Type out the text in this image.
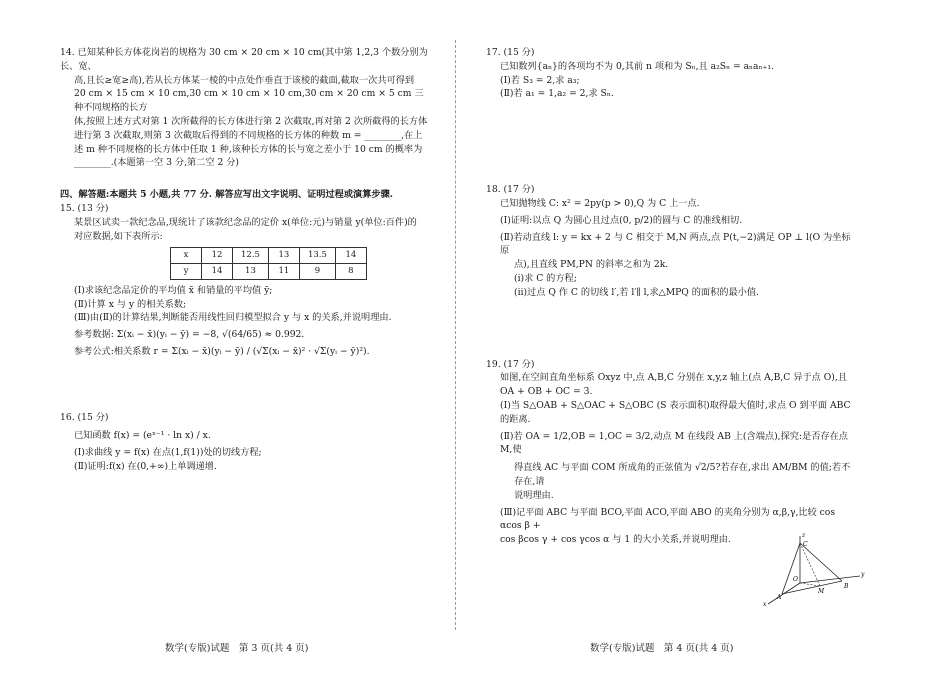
14. 已知某种长方体花岗岩的规格为 30 cm × 20 cm × 10 cm(其中第 1,2,3 个数分别为长、宽、

高,且长≥宽≥高),若从长方体某一棱的中点处作垂直于该棱的截面,截取一次共可得到

20 cm × 15 cm × 10 cm,30 cm × 10 cm × 10 cm,30 cm × 20 cm × 5 cm 三种不同规格的长方

体,按照上述方式对第 1 次所截得的长方体进行第 2 次截取,再对第 2 次所截得的长方体

进行第 3 次截取,则第 3 次截取后得到的不同规格的长方体的种数 m = ________,在上

述 m 种不同规格的长方体中任取 1 种,该种长方体的长与宽之差小于 10 cm 的概率为

________.(本题第一空 3 分,第二空 2 分)

四、解答题:本题共 5 小题,共 77 分. 解答应写出文字说明、证明过程或演算步骤.

15. (13 分)

某景区试卖一款纪念品,现统计了该款纪念品的定价 x(单位:元)与销量 y(单位:百件)的

对应数据,如下表所示:

x	12	12.5	13	13.5	14
y	14	13	11	9	8

(Ⅰ)求该纪念品定价的平均值 x̄ 和销量的平均值 ȳ;

(Ⅱ)计算 x 与 y 的相关系数;

(Ⅲ)由(Ⅱ)的计算结果,判断能否用线性回归模型拟合 y 与 x 的关系,并说明理由.

参考数据: Σ(xᵢ − x̄)(yᵢ − ȳ) = −8, √(64/65) ≈ 0.992.

参考公式:相关系数 r = Σ(xᵢ − x̄)(yᵢ − ȳ) / (√Σ(xᵢ − x̄)² · √Σ(yᵢ − ȳ)²).

16. (15 分)

已知函数 f(x) = (eˣ⁻¹ · ln x) / x.

(Ⅰ)求曲线 y = f(x) 在点(1,f(1))处的切线方程;

(Ⅱ)证明:f(x) 在(0,+∞)上单调递增.

17. (15 分)

已知数列{aₙ}的各项均不为 0,其前 n 项和为 Sₙ,且 a₂Sₙ = aₙaₙ₊₁.

(Ⅰ)若 S₃ = 2,求 a₃;

(Ⅱ)若 a₁ = 1,a₂ = 2,求 Sₙ.

18. (17 分)

已知抛物线 C: x² = 2py(p > 0),Q 为 C 上一点.

(Ⅰ)证明:以点 Q 为圆心且过点(0, p/2)的圆与 C 的准线相切.

(Ⅱ)若动直线 l: y = kx + 2 与 C 相交于 M,N 两点,点 P(t,−2)满足 OP ⊥ l(O 为坐标原

点),且直线 PM,PN 的斜率之和为 2k.

(ⅰ)求 C 的方程;

(ⅱ)过点 Q 作 C 的切线 l′,若 l′∥ l,求△MPQ 的面积的最小值.

19. (17 分)

如图,在空间直角坐标系 Oxyz 中,点 A,B,C 分别在 x,y,z 轴上(点 A,B,C 异于点 O),且

OA + OB + OC = 3.

(Ⅰ)当 S△OAB + S△OAC + S△OBC (S 表示面积)取得最大值时,求点 O 到平面 ABC 的距离.

(Ⅱ)若 OA = 1/2,OB = 1,OC = 3/2,动点 M 在线段 AB 上(含端点),探究:是否存在点 M,使

得直线 AC 与平面 COM 所成角的正弦值为 √2/5?若存在,求出 AM/BM 的值;若不存在,请

说明理由.

(Ⅲ)记平面 ABC 与平面 BCO,平面 ACO,平面 ABO 的夹角分别为 α,β,γ,比较 cos αcos β +

cos βcos γ + cos γcos α 与 1 的大小关系,并说明理由.	z
y
x
C
O
A
B
M

数学(专版)试题　第 3 页(共 4 页)	数学(专版)试题　第 4 页(共 4 页)
